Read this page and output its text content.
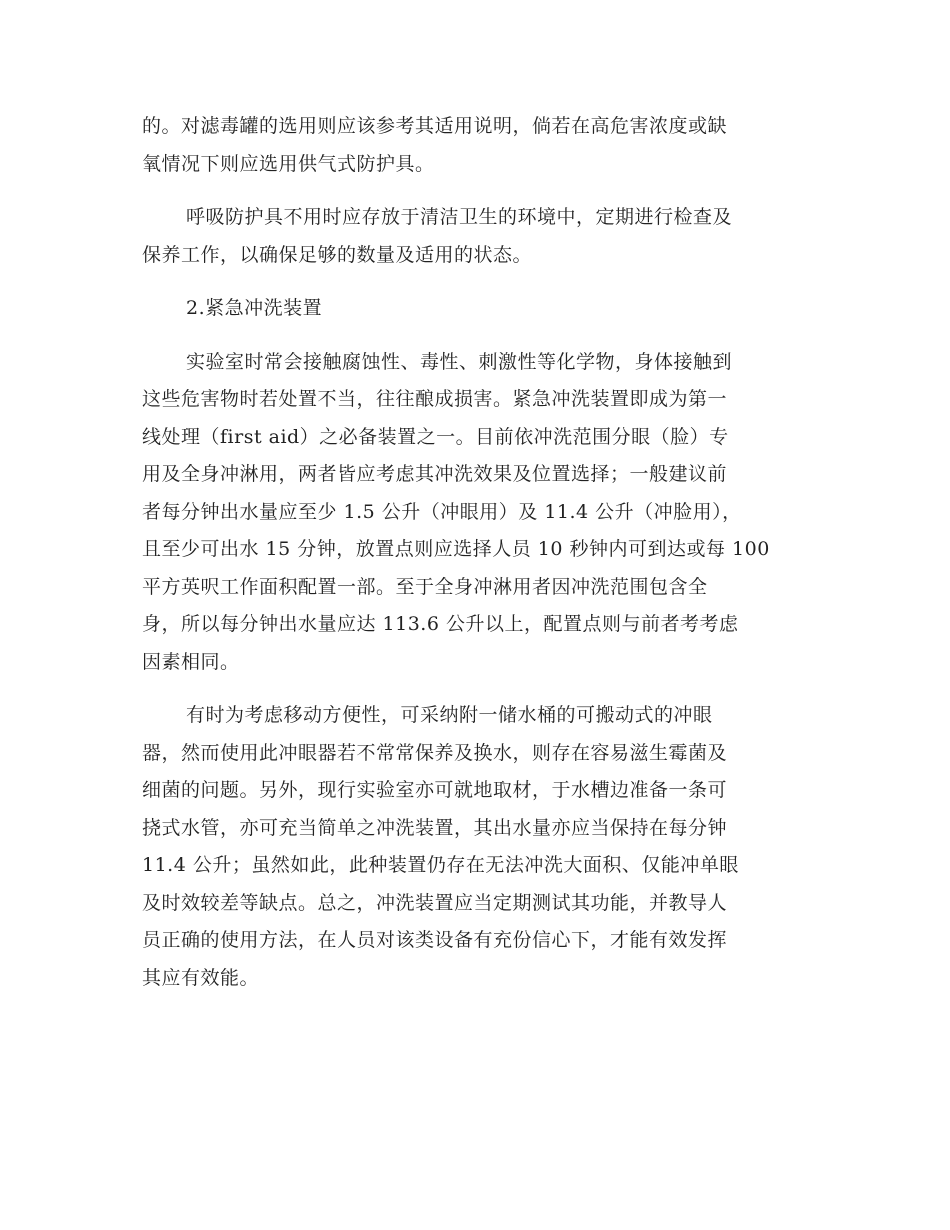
的。对滤毒罐的选用则应该参考其适用说明，倘若在高危害浓度或缺
氧情况下则应选用供气式防护具。
呼吸防护具不用时应存放于清洁卫生的环境中，定期进行检查及
保养工作，以确保足够的数量及适用的状态。
2.紧急冲洗装置
实验室时常会接触腐蚀性、毒性、刺激性等化学物，身体接触到
这些危害物时若处置不当，往往酿成损害。紧急冲洗装置即成为第一
线处理（first aid）之必备装置之一。目前依冲洗范围分眼（脸）专
用及全身冲淋用，两者皆应考虑其冲洗效果及位置选择；一般建议前
者每分钟出水量应至少 1.5 公升（冲眼用）及 11.4 公升（冲脸用），
且至少可出水 15 分钟，放置点则应选择人员 10 秒钟内可到达或每 100
平方英呎工作面积配置一部。至于全身冲淋用者因冲洗范围包含全
身，所以每分钟出水量应达 113.6 公升以上，配置点则与前者考考虑
因素相同。
有时为考虑移动方便性，可采纳附一储水桶的可搬动式的冲眼
器，然而使用此冲眼器若不常常保养及换水，则存在容易滋生霉菌及
细菌的问题。另外，现行实验室亦可就地取材，于水槽边准备一条可
挠式水管，亦可充当简单之冲洗装置，其出水量亦应当保持在每分钟
11.4 公升；虽然如此，此种装置仍存在无法冲洗大面积、仅能冲单眼
及时效较差等缺点。总之，冲洗装置应当定期测试其功能，并教导人
员正确的使用方法，在人员对该类设备有充份信心下，才能有效发挥
其应有效能。
